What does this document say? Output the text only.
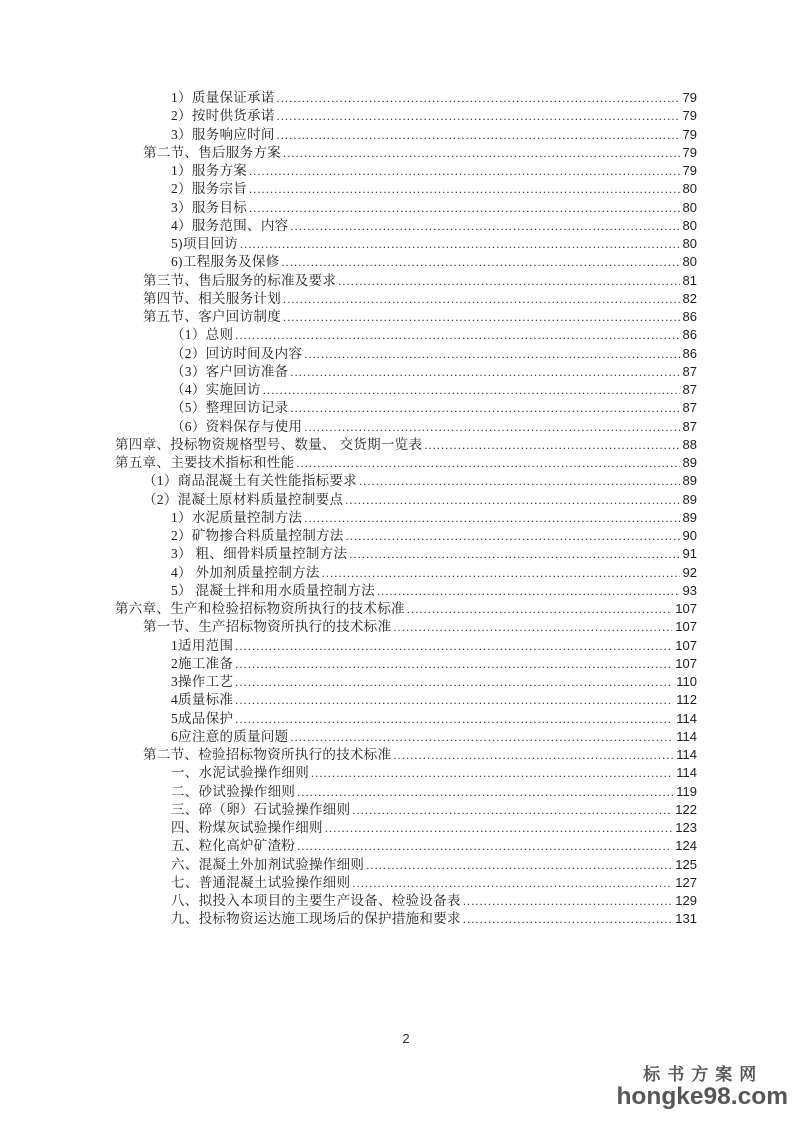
1）质量保证承诺 .....	79
2）按时供货承诺 .....	79
3）服务响应时间 .....	79
第二节、售后服务方案 .....	79
1）服务方案 .....	79
2）服务宗旨 .....	80
3）服务目标 .....	80
4）服务范围、内容 .....	80
5)项目回访 .....	80
6)工程服务及保修 .....	80
第三节、售后服务的标准及要求 .....	81
第四节、相关服务计划 .....	82
第五节、客户回访制度 .....	86
（1）总则 .....	86
（2）回访时间及内容 .....	86
（3）客户回访准备 .....	87
（4）实施回访 .....	87
（5）整理回访记录 .....	87
（6）资料保存与使用 .....	87
第四章、投标物资规格型号、数量、 交货期一览表 .....	88
第五章、主要技术指标和性能 .....	89
（1）商品混凝土有关性能指标要求 .....	89
（2）混凝土原材料质量控制要点 .....	89
1）水泥质量控制方法 .....	89
2）矿物掺合料质量控制方法 .....	90
3） 粗、细骨料质量控制方法 .....	91
4） 外加剂质量控制方法 .....	92
5） 混凝土拌和用水质量控制方法 .....	93
第六章、生产和检验招标物资所执行的技术标准 .....	107
第一节、生产招标物资所执行的技术标准 .....	107
1适用范围 .....	107
2施工准备 .....	107
3操作工艺 .....	110
4质量标准 .....	112
5成品保护 .....	114
6应注意的质量问题 .....	114
第二节、检验招标物资所执行的技术标准 .....	114
一、水泥试验操作细则 .....	114
二、砂试验操作细则 .....	119
三、碎（卵）石试验操作细则 .....	122
四、粉煤灰试验操作细则 .....	123
五、粒化高炉矿渣粉 .....	124
六、混凝土外加剂试验操作细则 .....	125
七、普通混凝土试验操作细则 .....	127
八、拟投入本项目的主要生产设备、检验设备表 .....	129
九、投标物资运达施工现场后的保护措施和要求 .....	131
2
标书方案网
hongke98.com
